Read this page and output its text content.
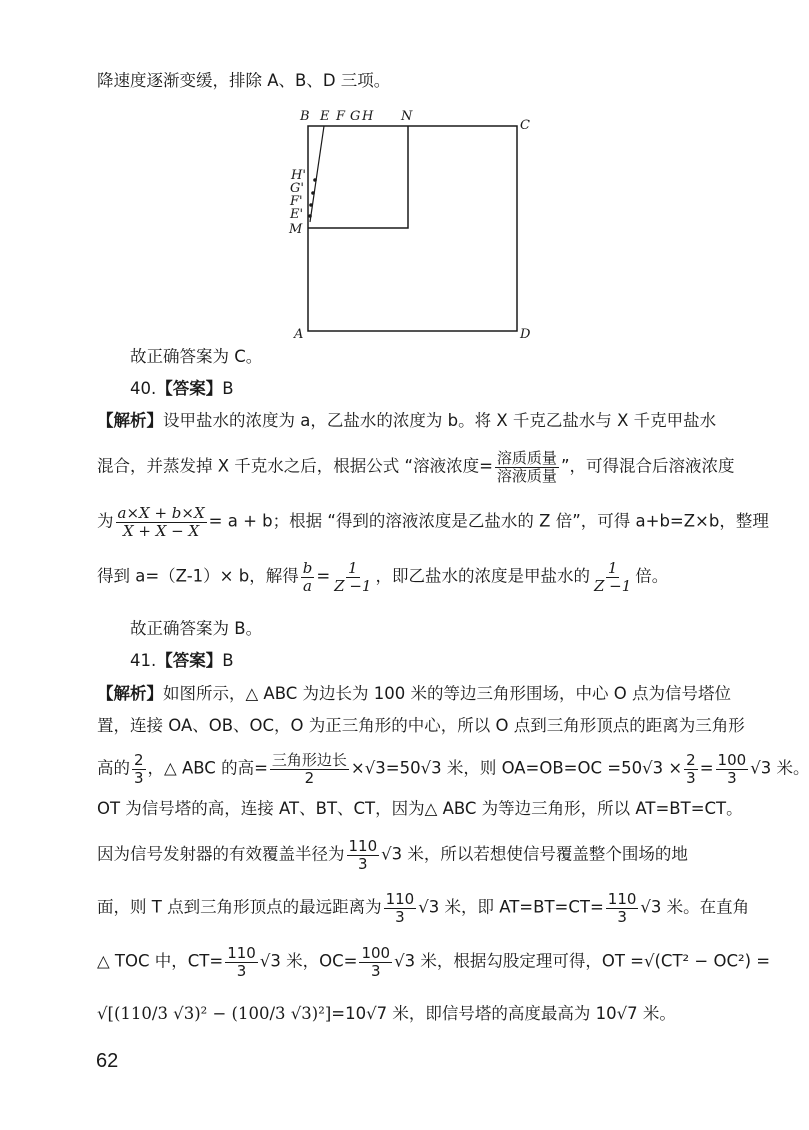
降速度逐渐变缓，排除 A、B、D 三项。
B E F G H N
C
H'
G'
F'
E'
M
A	D
故正确答案为 C。
40.【答案】B
【解析】设甲盐水的浓度为 a，乙盐水的浓度为 b。将 X 千克乙盐水与 X 千克甲盐水
混合，并蒸发掉 X 千克水之后，根据公式 “溶液浓度= $\frac{\text{溶质质量}}{\text{溶液质量}}$ ”，可得混合后溶液浓度
为 $\frac{a\times X + b\times X}{X + X - X} = a + b$；根据 “得到的溶液浓度是乙盐水的 Z 倍”，可得 a+b=Z×b，整理
得到 a=（Z-1）× b，解得 $\frac{b}{a} = \frac{1}{Z -1}$ ，即乙盐水的浓度是甲盐水的 $\frac{1}{Z -1}$ 倍。
故正确答案为 B。
41.【答案】B
【解析】如图所示，△ ABC 为边长为 100 米的等边三角形围场，中心 O 点为信号塔位
置，连接 OA、OB、OC，O 为正三角形的中心，所以 O 点到三角形顶点的距离为三角形
高的 $\frac{2}{3}$ ，△ ABC 的高= $\frac{\text{三角形边长}}{2} \times√3=50√3$ 米，则 $OA=OB=OC =50√3 \times \frac{2}{3} = \frac{100}{3} √3$ 米。
OT 为信号塔的高，连接 AT、BT、CT，因为△ ABC 为等边三角形，所以 AT=BT=CT。
因为信号发射器的有效覆盖半径为 $\frac{110}{3} √3$ 米，所以若想使信号覆盖整个围场的地
面，则 T 点到三角形顶点的最远距离为 $\frac{110}{3} √3$ 米，即 $AT=BT=CT= \frac{110}{3} √3$ 米。在直角
△ TOC 中，$CT= \frac{110}{3} √3$ 米，$OC= \frac{100}{3} √3$ 米，根据勾股定理可得，OT =√(CT² − OC²) =
√[(110/3 √3)² − (100/3 √3)²]=10√7 米，即信号塔的高度最高为 10√7 米。
62
